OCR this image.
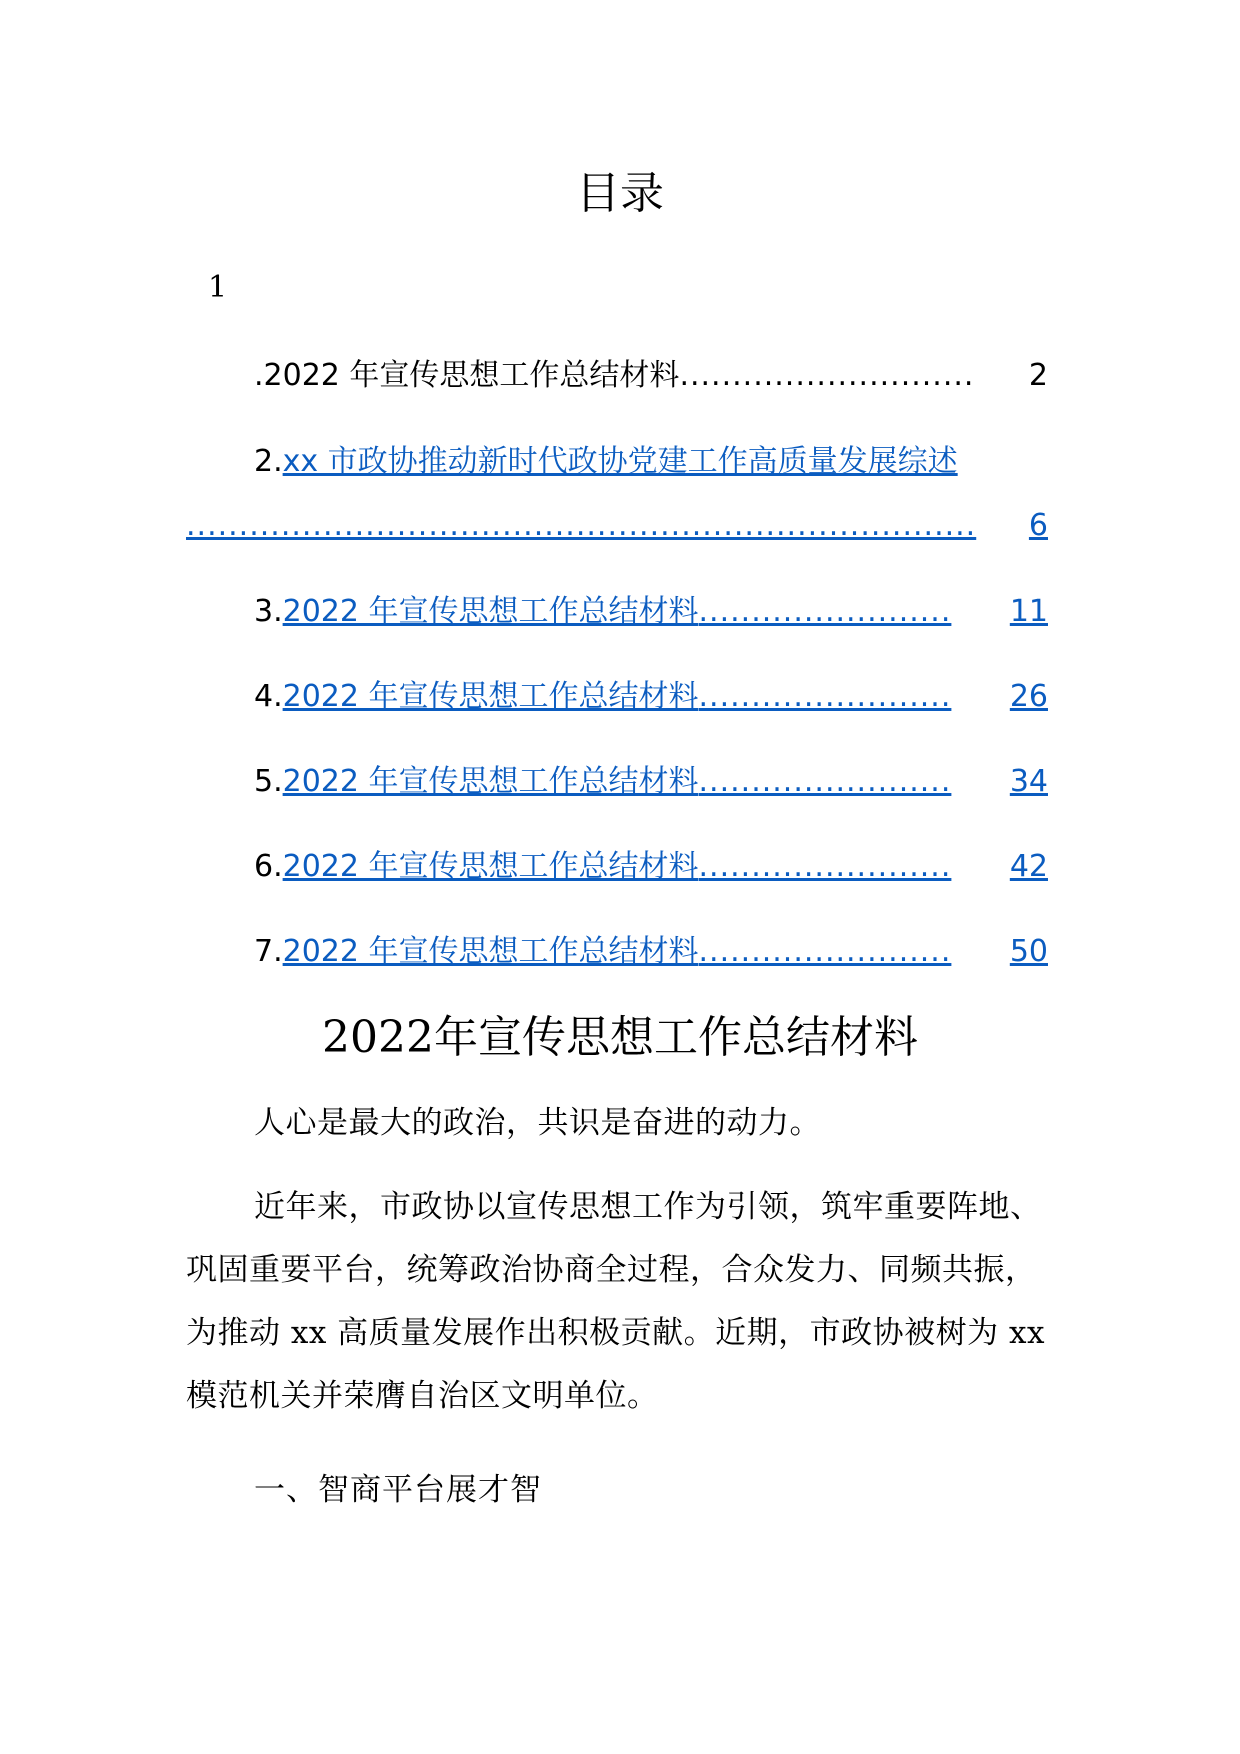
目录
1
. 2022 年宣传思想工作总结材料 ............................	2
2. xx 市政协推动新时代政协党建工作高质量发展综述
...........................................................................	6
3. 2022 年宣传思想工作总结材料 ........................	11
4. 2022 年宣传思想工作总结材料 ........................	26
5. 2022 年宣传思想工作总结材料 ........................	34
6. 2022 年宣传思想工作总结材料 ........................	42
7. 2022 年宣传思想工作总结材料 ........................	50
2022年宣传思想工作总结材料

人心是最大的政治，共识是奋进的动力。

近年来，市政协以宣传思想工作为引领，筑牢重要阵地、巩固重要平台，统筹政治协商全过程，合众发力、同频共振，为推动 xx 高质量发展作出积极贡献。近期，市政协被树为 xx 模范机关并荣膺自治区文明单位。

一、智商平台展才智
